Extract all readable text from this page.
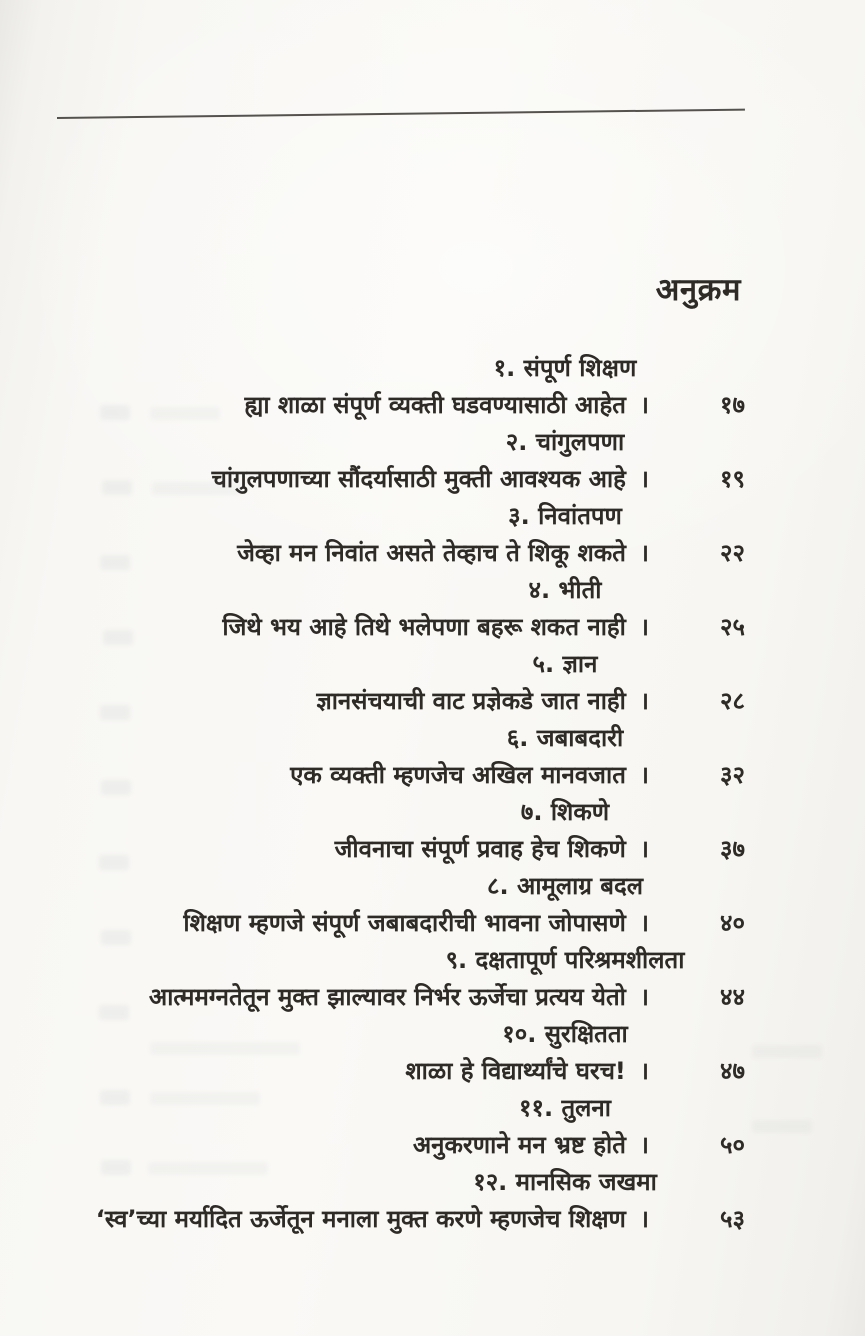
अनुक्रम
१. संपूर्ण शिक्षण
ह्या शाळा संपूर्ण व्यक्ती घडवण्यासाठी आहेत ।	१७
२. चांगुलपणा
चांगुलपणाच्या सौंदर्यासाठी मुक्ती आवश्यक आहे ।	१९
३. निवांतपण
जेव्हा मन निवांत असते तेव्हाच ते शिकू शकते ।	२२
४. भीती
जिथे भय आहे तिथे भलेपणा बहरू शकत नाही ।	२५
५. ज्ञान
ज्ञानसंचयाची वाट प्रज्ञेकडे जात नाही ।	२८
६. जबाबदारी
एक व्यक्ती म्हणजेच अखिल मानवजात ।	३२
७. शिकणे
जीवनाचा संपूर्ण प्रवाह हेच शिकणे ।	३७
८. आमूलाग्र बदल
शिक्षण म्हणजे संपूर्ण जबाबदारीची भावना जोपासणे ।	४०
९. दक्षतापूर्ण परिश्रमशीलता
आत्ममग्नतेतून मुक्त झाल्यावर निर्भर ऊर्जेचा प्रत्यय येतो ।	४४
१०. सुरक्षितता
शाळा हे विद्यार्थ्यांचे घरच! ।	४७
११. तुलना
अनुकरणाने मन भ्रष्ट होते ।	५०
१२. मानसिक जखमा
‘स्व’च्या मर्यादित ऊर्जेतून मनाला मुक्त करणे म्हणजेच शिक्षण ।	५३
